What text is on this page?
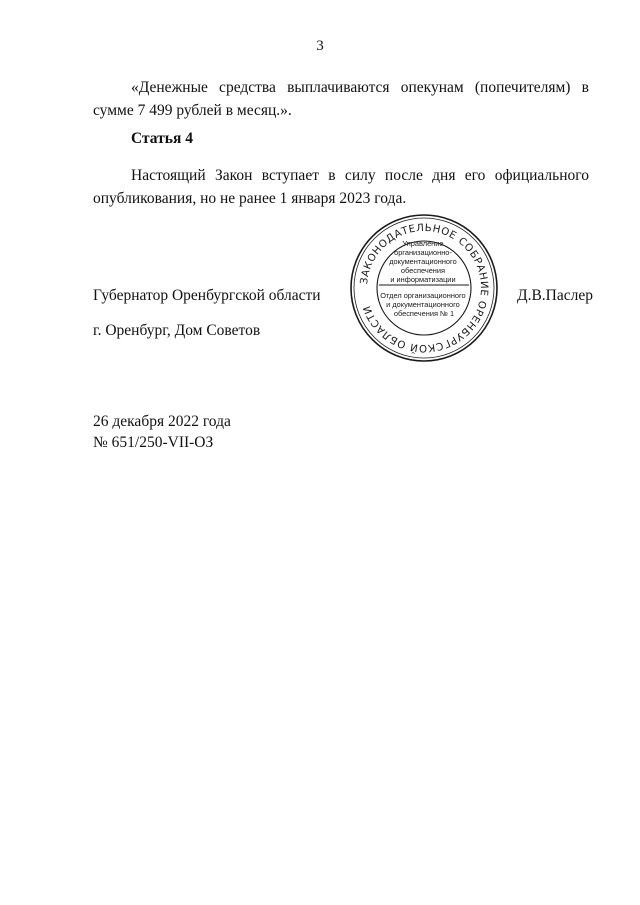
3

«Денежные средства выплачиваются опекунам (попечителям) в сумме 7 499 рублей в месяц.».

Статья 4

Настоящий Закон вступает в силу после дня его официального опубликования, но не ранее 1 января 2023 года.

Губернатор Оренбургской области	Д.В.Паслер
ЗАКОНОДАТЕЛЬНОЕ СОБРАНИЕ ОРЕНБУРГСКОЙ ОБЛАСТИ
Управление организационно- документационного обеспечения и информатизации Отдел организационного и документационного обеспечения № 1
г. Оренбург, Дом Советов
26 декабря 2022 года
№ 651/250-VII-ОЗ
